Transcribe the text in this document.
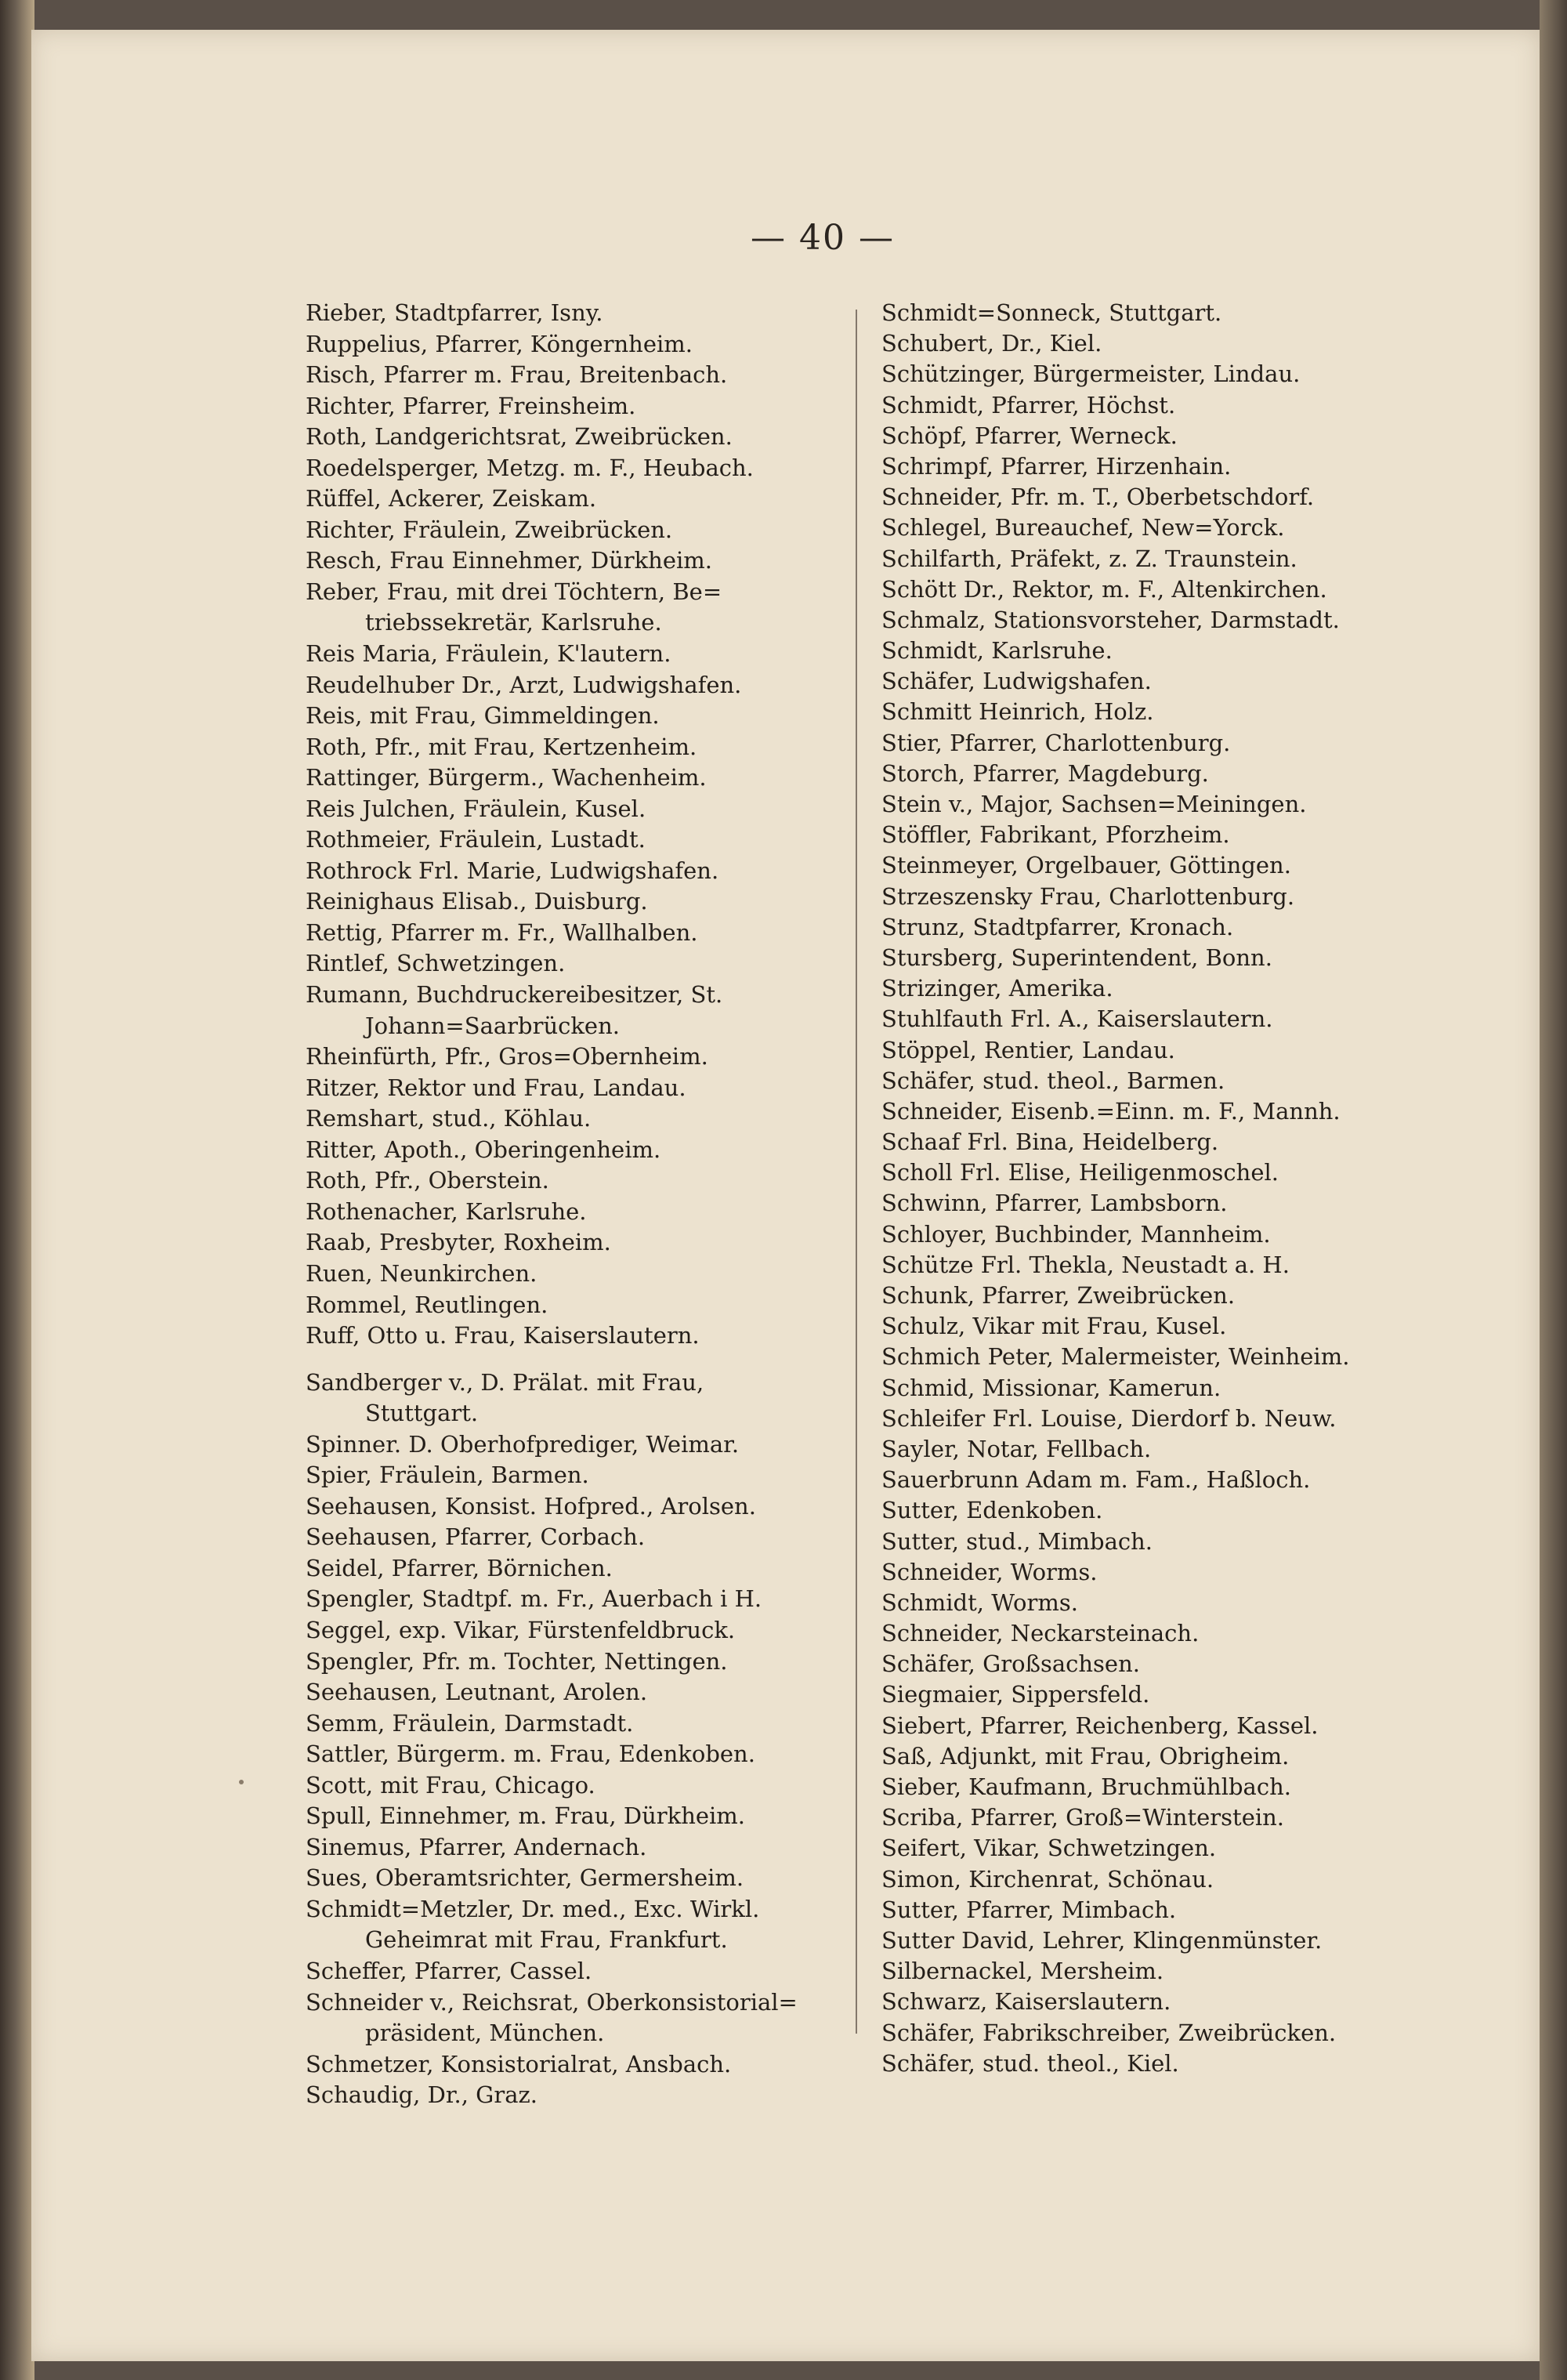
— 40 —
Rieber, Stadtpfarrer, Isny.
Ruppelius, Pfarrer, Köngernheim.
Risch, Pfarrer m. Frau, Breitenbach.
Richter, Pfarrer, Freinsheim.
Roth, Landgerichtsrat, Zweibrücken.
Roedelsperger, Metzg. m. F., Heubach.
Rüffel, Ackerer, Zeiskam.
Richter, Fräulein, Zweibrücken.
Resch, Frau Einnehmer, Dürkheim.
Reber, Frau, mit drei Töchtern, Be=
triebssekretär, Karlsruhe.
Reis Maria, Fräulein, K'lautern.
Reudelhuber Dr., Arzt, Ludwigshafen.
Reis, mit Frau, Gimmeldingen.
Roth, Pfr., mit Frau, Kertzenheim.
Rattinger, Bürgerm., Wachenheim.
Reis Julchen, Fräulein, Kusel.
Rothmeier, Fräulein, Lustadt.
Rothrock Frl. Marie, Ludwigshafen.
Reinighaus Elisab., Duisburg.
Rettig, Pfarrer m. Fr., Wallhalben.
Rintlef, Schwetzingen.
Rumann, Buchdruckereibesitzer, St.
Johann=Saarbrücken.
Rheinfürth, Pfr., Gros=Obernheim.
Ritzer, Rektor und Frau, Landau.
Remshart, stud., Köhlau.
Ritter, Apoth., Oberingenheim.
Roth, Pfr., Oberstein.
Rothenacher, Karlsruhe.
Raab, Presbyter, Roxheim.
Ruen, Neunkirchen.
Rommel, Reutlingen.
Ruff, Otto u. Frau, Kaiserslautern.
Sandberger v., D. Prälat. mit Frau,
Stuttgart.
Spinner. D. Oberhofprediger, Weimar.
Spier, Fräulein, Barmen.
Seehausen, Konsist. Hofpred., Arolsen.
Seehausen, Pfarrer, Corbach.
Seidel, Pfarrer, Börnichen.
Spengler, Stadtpf. m. Fr., Auerbach i H.
Seggel, exp. Vikar, Fürstenfeldbruck.
Spengler, Pfr. m. Tochter, Nettingen.
Seehausen, Leutnant, Arolen.
Semm, Fräulein, Darmstadt.
Sattler, Bürgerm. m. Frau, Edenkoben.
Scott, mit Frau, Chicago.
Spull, Einnehmer, m. Frau, Dürkheim.
Sinemus, Pfarrer, Andernach.
Sues, Oberamtsrichter, Germersheim.
Schmidt=Metzler, Dr. med., Exc. Wirkl.
Geheimrat mit Frau, Frankfurt.
Scheffer, Pfarrer, Cassel.
Schneider v., Reichsrat, Oberkonsistorial=
präsident, München.
Schmetzer, Konsistorialrat, Ansbach.
Schaudig, Dr., Graz.
Schmidt=Sonneck, Stuttgart.
Schubert, Dr., Kiel.
Schützinger, Bürgermeister, Lindau.
Schmidt, Pfarrer, Höchst.
Schöpf, Pfarrer, Werneck.
Schrimpf, Pfarrer, Hirzenhain.
Schneider, Pfr. m. T., Oberbetschdorf.
Schlegel, Bureauchef, New=Yorck.
Schilfarth, Präfekt, z. Z. Traunstein.
Schött Dr., Rektor, m. F., Altenkirchen.
Schmalz, Stationsvorsteher, Darmstadt.
Schmidt, Karlsruhe.
Schäfer, Ludwigshafen.
Schmitt Heinrich, Holz.
Stier, Pfarrer, Charlottenburg.
Storch, Pfarrer, Magdeburg.
Stein v., Major, Sachsen=Meiningen.
Stöffler, Fabrikant, Pforzheim.
Steinmeyer, Orgelbauer, Göttingen.
Strzeszensky Frau, Charlottenburg.
Strunz, Stadtpfarrer, Kronach.
Stursberg, Superintendent, Bonn.
Strizinger, Amerika.
Stuhlfauth Frl. A., Kaiserslautern.
Stöppel, Rentier, Landau.
Schäfer, stud. theol., Barmen.
Schneider, Eisenb.=Einn. m. F., Mannh.
Schaaf Frl. Bina, Heidelberg.
Scholl Frl. Elise, Heiligenmoschel.
Schwinn, Pfarrer, Lambsborn.
Schloyer, Buchbinder, Mannheim.
Schütze Frl. Thekla, Neustadt a. H.
Schunk, Pfarrer, Zweibrücken.
Schulz, Vikar mit Frau, Kusel.
Schmich Peter, Malermeister, Weinheim.
Schmid, Missionar, Kamerun.
Schleifer Frl. Louise, Dierdorf b. Neuw.
Sayler, Notar, Fellbach.
Sauerbrunn Adam m. Fam., Haßloch.
Sutter, Edenkoben.
Sutter, stud., Mimbach.
Schneider, Worms.
Schmidt, Worms.
Schneider, Neckarsteinach.
Schäfer, Großsachsen.
Siegmaier, Sippersfeld.
Siebert, Pfarrer, Reichenberg, Kassel.
Saß, Adjunkt, mit Frau, Obrigheim.
Sieber, Kaufmann, Bruchmühlbach.
Scriba, Pfarrer, Groß=Winterstein.
Seifert, Vikar, Schwetzingen.
Simon, Kirchenrat, Schönau.
Sutter, Pfarrer, Mimbach.
Sutter David, Lehrer, Klingenmünster.
Silbernackel, Mersheim.
Schwarz, Kaiserslautern.
Schäfer, Fabrikschreiber, Zweibrücken.
Schäfer, stud. theol., Kiel.
